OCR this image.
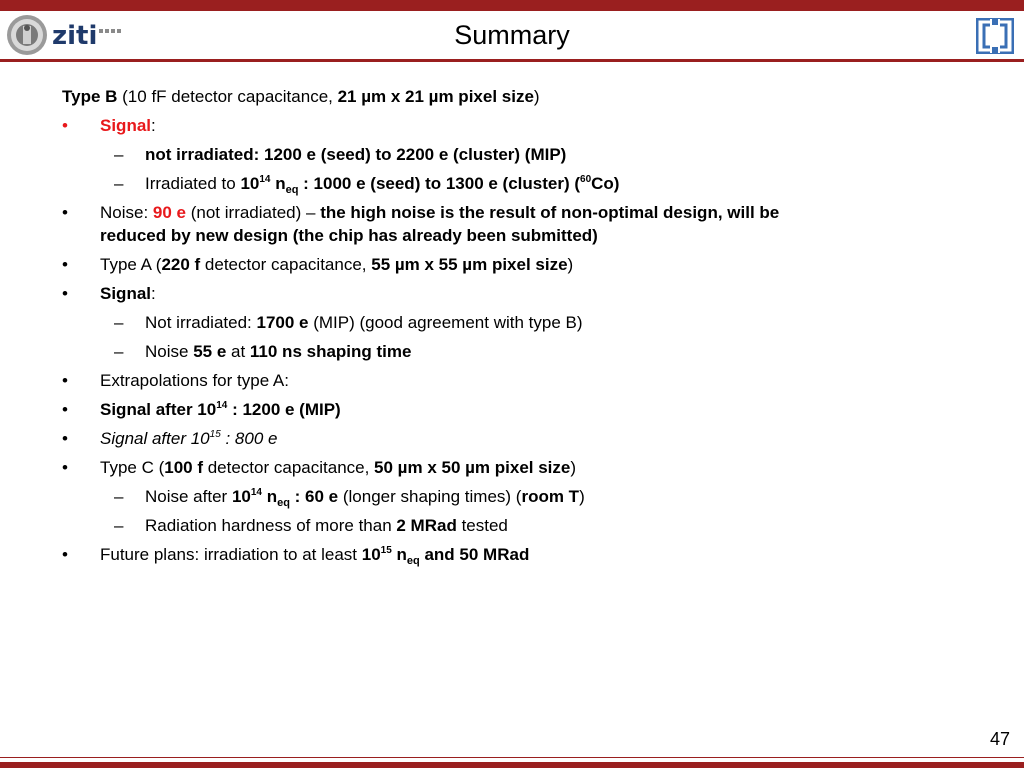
ziti	Summary
Type B (10 fF detector capacitance, 21 µm x 21 µm pixel size)
• Signal:
– not irradiated: 1200 e (seed) to 2200 e (cluster) (MIP)
– Irradiated to $10^{14}$ $n_{eq}$ : 1000 e (seed) to 1300 e (cluster) ($^{60}$Co)
• Noise: 90 e (not irradiated) – the high noise is the result of non-optimal design, will be
reduced by new design (the chip has already been submitted)
• Type A (220 f detector capacitance, 55 µm x 55 µm pixel size)
• Signal:
– Not irradiated: 1700 e (MIP) (good agreement with type B)
– Noise 55 e at 110 ns shaping time
• Extrapolations for type A:
• Signal after $10^{14}$ : 1200 e (MIP)
• Signal after $10^{15}$ : 800 e
• Type C (100 f detector capacitance, 50 µm x 50 µm pixel size)
– Noise after $10^{14}$ $n_{eq}$ : 60 e (longer shaping times) (room T)
– Radiation hardness of more than 2 MRad tested
• Future plans: irradiation to at least $10^{15}$ $n_{eq}$ and 50 MRad
47
